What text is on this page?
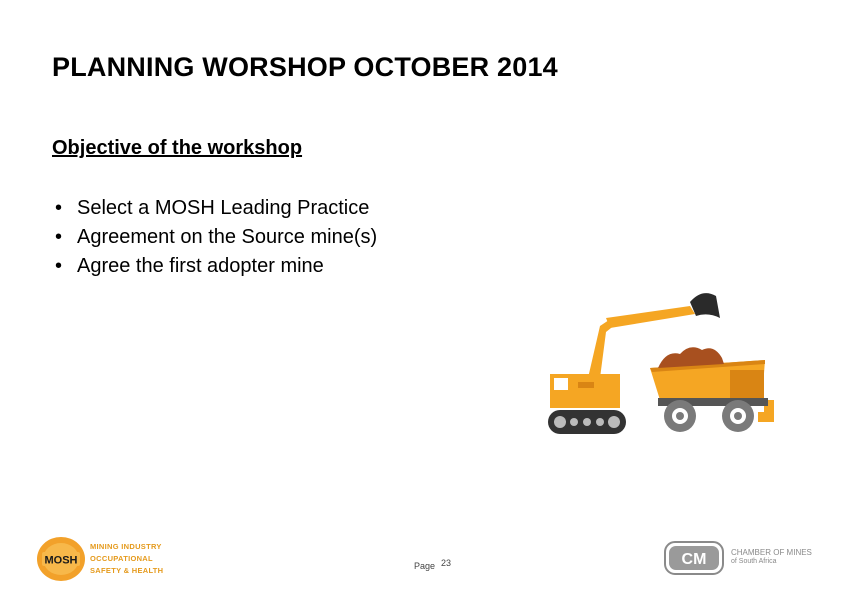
PLANNING WORSHOP OCTOBER 2014
Objective of the workshop
• Select a MOSH Leading Practice
• Agreement on the Source mine(s)
• Agree the first adopter mine
MOSH
MINING INDUSTRY
OCCUPATIONAL
SAFETY & HEALTH	Page 23	CM	CHAMBER OF MINES
of South Africa
